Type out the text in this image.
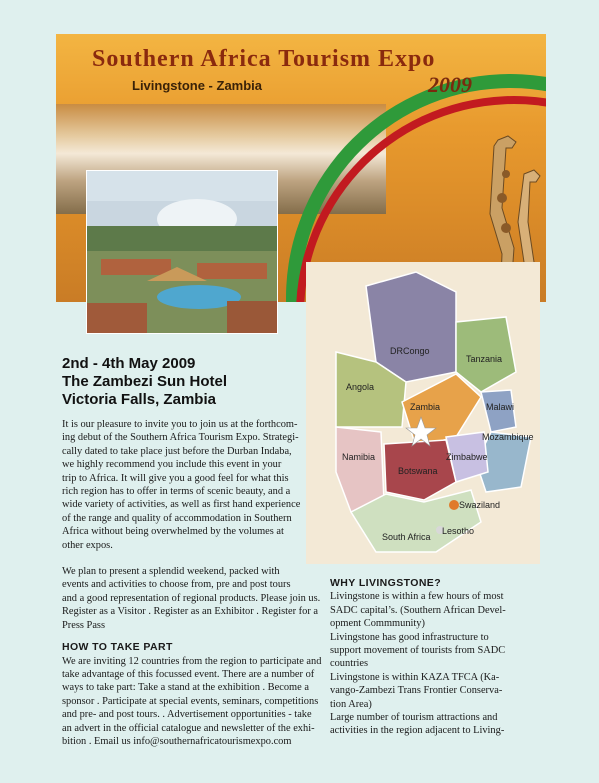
Southern Africa Tourism Expo
Livingstone - Zambia	2009
DRCongo
Tanzania
Angola
Zambia	Malawi
Mozambique
Namibia	Zimbabwe
Botswana
Swaziland
Lesotho
South Africa
2nd - 4th May 2009
The Zambezi Sun Hotel
Victoria Falls, Zambia

It is our pleasure to invite you to join us at the forthcom-

ing debut of the Southern Africa Tourism Expo. Strategi-

cally dated to take place just before the Durban Indaba,

we highly recommend you include this event in your

trip to Africa. It will give you a good feel for what this

rich region has to offer in terms of scenic beauty, and a

wide variety of activities, as well as first hand experience

of the range and quality of accommodation in Southern

Africa without being overwhelmed by the volumes at

other expos.

We plan to present a splendid weekend, packed with

events and activities to choose from, pre and post tours

and a good representation of regional products. Please join us.

Register as a Visitor . Register as an Exhibitor . Register for a

Press Pass

HOW TO TAKE PART

We are inviting 12 countries from the region to participate and

take advantage of this focussed event. There are a number of

ways to take part: Take a stand at the exhibition . Become a

sponsor . Participate at special events, seminars, competitions

and pre- and post tours. . Advertisement opportunities - take

an advert in the official catalogue and newsletter of the exhi-

bition . Email us info@southernafricatourismexpo.com

WHY LIVINGSTONE?

Livingstone is within a few hours of most

SADC capital’s. (Southern African Devel-

opment Commmunity)

Livingstone has good infrastructure to

support movement of tourists from SADC

countries

Livingstone is within KAZA TFCA (Ka-

vango-Zambezi Trans Frontier Conserva-

tion Area)

Large number of tourism attractions and

activities in the region adjacent to Living-
